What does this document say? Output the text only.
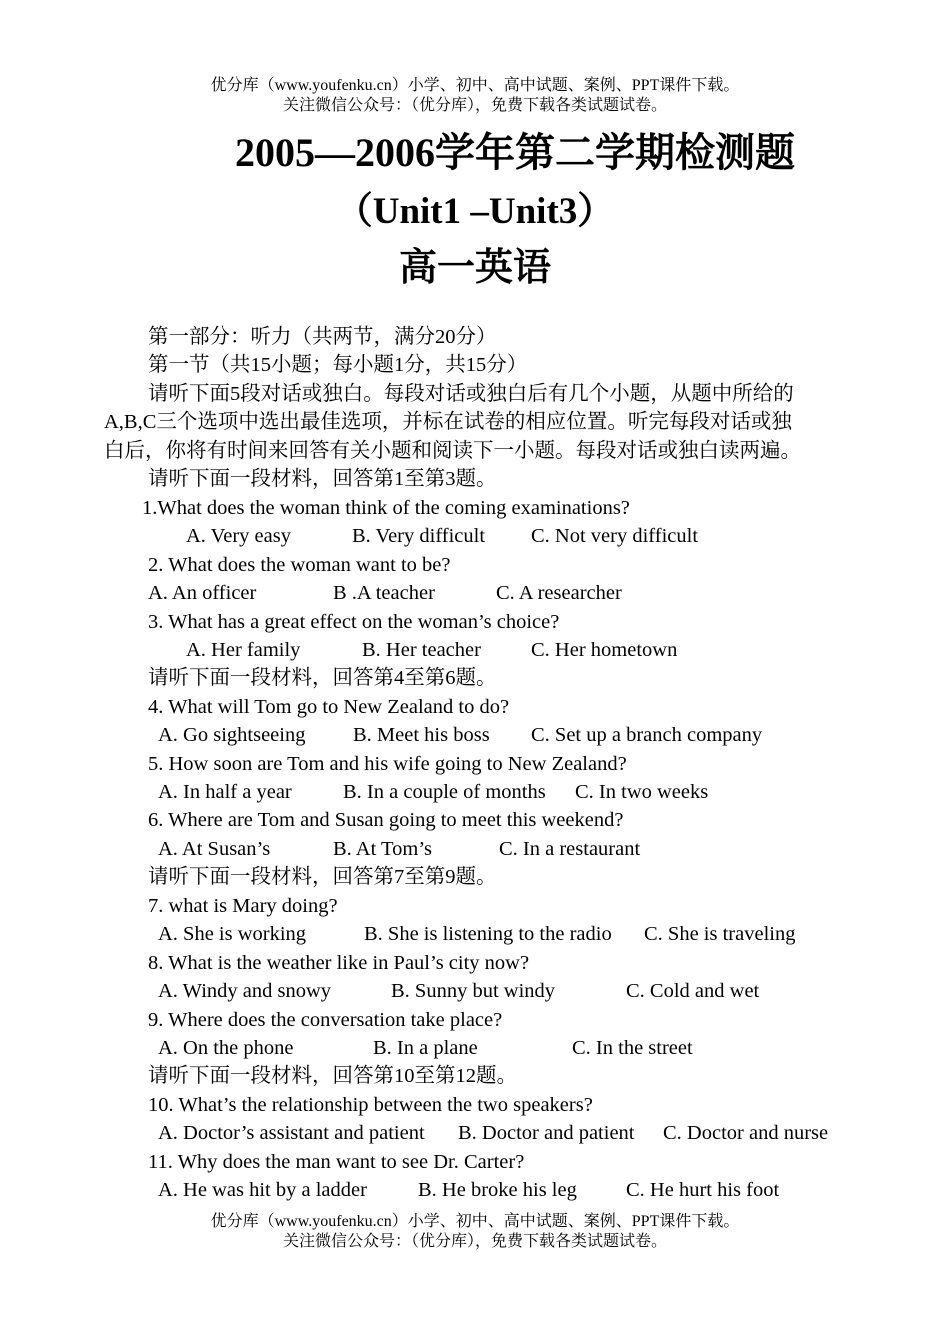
优分库（www.youfenku.cn）小学、初中、高中试题、案例、PPT课件下载。
关注微信公众号：（优分库），免费下载各类试题试卷。
2005—2006学年第二学期检测题
（Unit1 –Unit3）
高一英语
第一部分：听力（共两节，满分20分）
第一节（共15小题；每小题1分，共15分）
请听下面5段对话或独白。每段对话或独白后有几个小题，从题中所给的
A,B,C三个选项中选出最佳选项，并标在试卷的相应位置。听完每段对话或独
白后，你将有时间来回答有关小题和阅读下一小题。每段对话或独白读两遍。
请听下面一段材料，回答第1至第3题。
1.What does the woman think of the coming examinations?
A. Very easy	B. Very difficult C. Not very difficult
2. What does the woman want to be?
A. An officer	B .A teacher	C. A researcher
3. What has a great effect on the woman’s choice?
A. Her family	B. Her teacher C. Her hometown
请听下面一段材料，回答第4至第6题。
4. What will Tom go to New Zealand to do?
A. Go sightseeing B. Meet his boss C. Set up a branch company
5. How soon are Tom and his wife going to New Zealand?
A. In half a year B. In a couple of months C. In two weeks
6. Where are Tom and Susan going to meet this weekend?
A. At Susan’s	B. At Tom’s	C. In a restaurant
请听下面一段材料，回答第7至第9题。
7. what is Mary doing?
A. She is working	B. She is listening to the radio C. She is traveling
8. What is the weather like in Paul’s city now?
A. Windy and snowy	B. Sunny but windy	C. Cold and wet
9. Where does the conversation take place?
A. On the phone	B. In a plane	C. In the street
请听下面一段材料，回答第10至第12题。
10. What’s the relationship between the two speakers?
A. Doctor’s assistant and patient B. Doctor and patient C. Doctor and nurse
11. Why does the man want to see Dr. Carter?
A. He was hit by a ladder B. He broke his leg C. He hurt his foot
优分库（www.youfenku.cn）小学、初中、高中试题、案例、PPT课件下载。
关注微信公众号：（优分库），免费下载各类试题试卷。
